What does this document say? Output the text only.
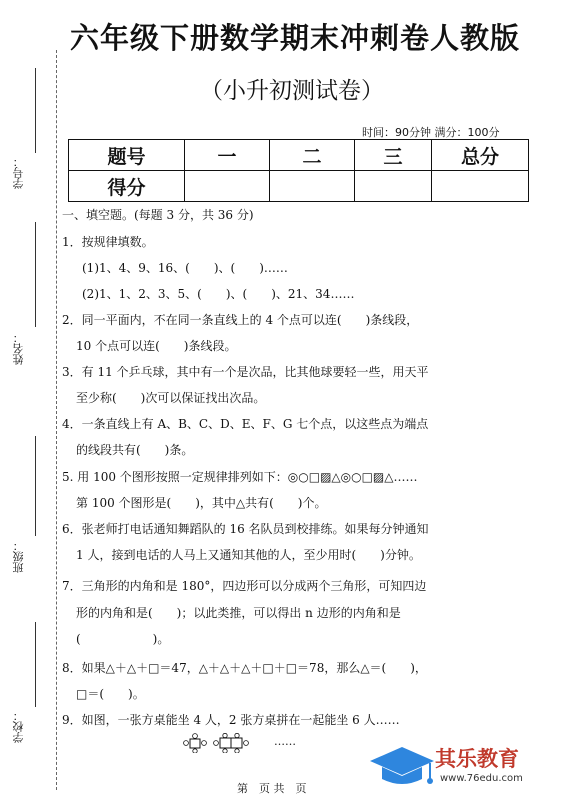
六年级下册数学期末冲刺卷人教版
（小升初测试卷）
时间：90分钟 满分：100分
题号	一	二	三	总分
得分				
学号：
姓名：
班级：
学校：
一、填空题。(每题 3 分，共 36 分)
1．按规律填数。
(1)1、4、9、16、(　　)、(　　)……
(2)1、1、2、3、5、(　　)、(　　)、21、34……
2．同一平面内，不在同一条直线上的 4 个点可以连(　　)条线段，
10 个点可以连(　　)条线段。
3．有 11 个乒乓球，其中有一个是次品，比其他球要轻一些，用天平
至少称(　　)次可以保证找出次品。
4．一条直线上有 A、B、C、D、E、F、G 七个点，以这些点为端点
的线段共有(　　)条。
5. 用 100 个图形按照一定规律排列如下：◎○□▨△◎○□▨△……
第 100 个图形是(　　)，其中△共有(　　)个。
6．张老师打电话通知舞蹈队的 16 名队员到校排练。如果每分钟通知
1 人，接到电话的人马上又通知其他的人，至少用时(　　)分钟。
7．三角形的内角和是 180°，四边形可以分成两个三角形，可知四边
形的内角和是(　　)；以此类推，可以得出 n 边形的内角和是
(　　　　　　)。
8．如果△＋△＋□＝47，△＋△＋△＋□＋□＝78，那么△＝(　　)，
□＝(　　)。
9．如图，一张方桌能坐 4 人，2 张方桌拼在一起能坐 6 人……
……
第　页 共　页
其乐教育
www.76edu.com
